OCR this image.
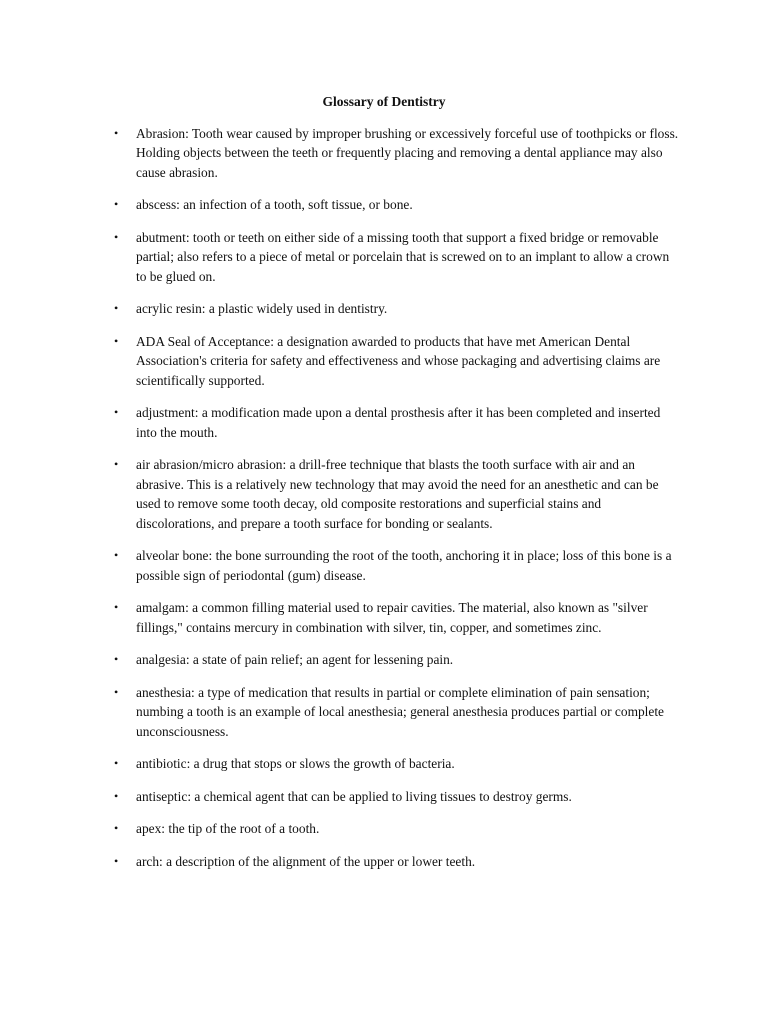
Glossary of Dentistry
• Abrasion: Tooth wear caused by improper brushing or excessively forceful use of toothpicks or floss. Holding objects between the teeth or frequently placing and removing a dental appliance may also cause abrasion.
• abscess: an infection of a tooth, soft tissue, or bone.
• abutment: tooth or teeth on either side of a missing tooth that support a fixed bridge or removable partial; also refers to a piece of metal or porcelain that is screwed on to an implant to allow a crown to be glued on.
• acrylic resin: a plastic widely used in dentistry.
• ADA Seal of Acceptance: a designation awarded to products that have met American Dental Association's criteria for safety and effectiveness and whose packaging and advertising claims are scientifically supported.
• adjustment: a modification made upon a dental prosthesis after it has been completed and inserted into the mouth.
• air abrasion/micro abrasion: a drill-free technique that blasts the tooth surface with air and an abrasive. This is a relatively new technology that may avoid the need for an anesthetic and can be used to remove some tooth decay, old composite restorations and superficial stains and discolorations, and prepare a tooth surface for bonding or sealants.
• alveolar bone: the bone surrounding the root of the tooth, anchoring it in place; loss of this bone is a possible sign of periodontal (gum) disease.
• amalgam: a common filling material used to repair cavities. The material, also known as "silver fillings," contains mercury in combination with silver, tin, copper, and sometimes zinc.
• analgesia: a state of pain relief; an agent for lessening pain.
• anesthesia: a type of medication that results in partial or complete elimination of pain sensation; numbing a tooth is an example of local anesthesia; general anesthesia produces partial or complete unconsciousness.
• antibiotic: a drug that stops or slows the growth of bacteria.
• antiseptic: a chemical agent that can be applied to living tissues to destroy germs.
• apex: the tip of the root of a tooth.
• arch: a description of the alignment of the upper or lower teeth.
